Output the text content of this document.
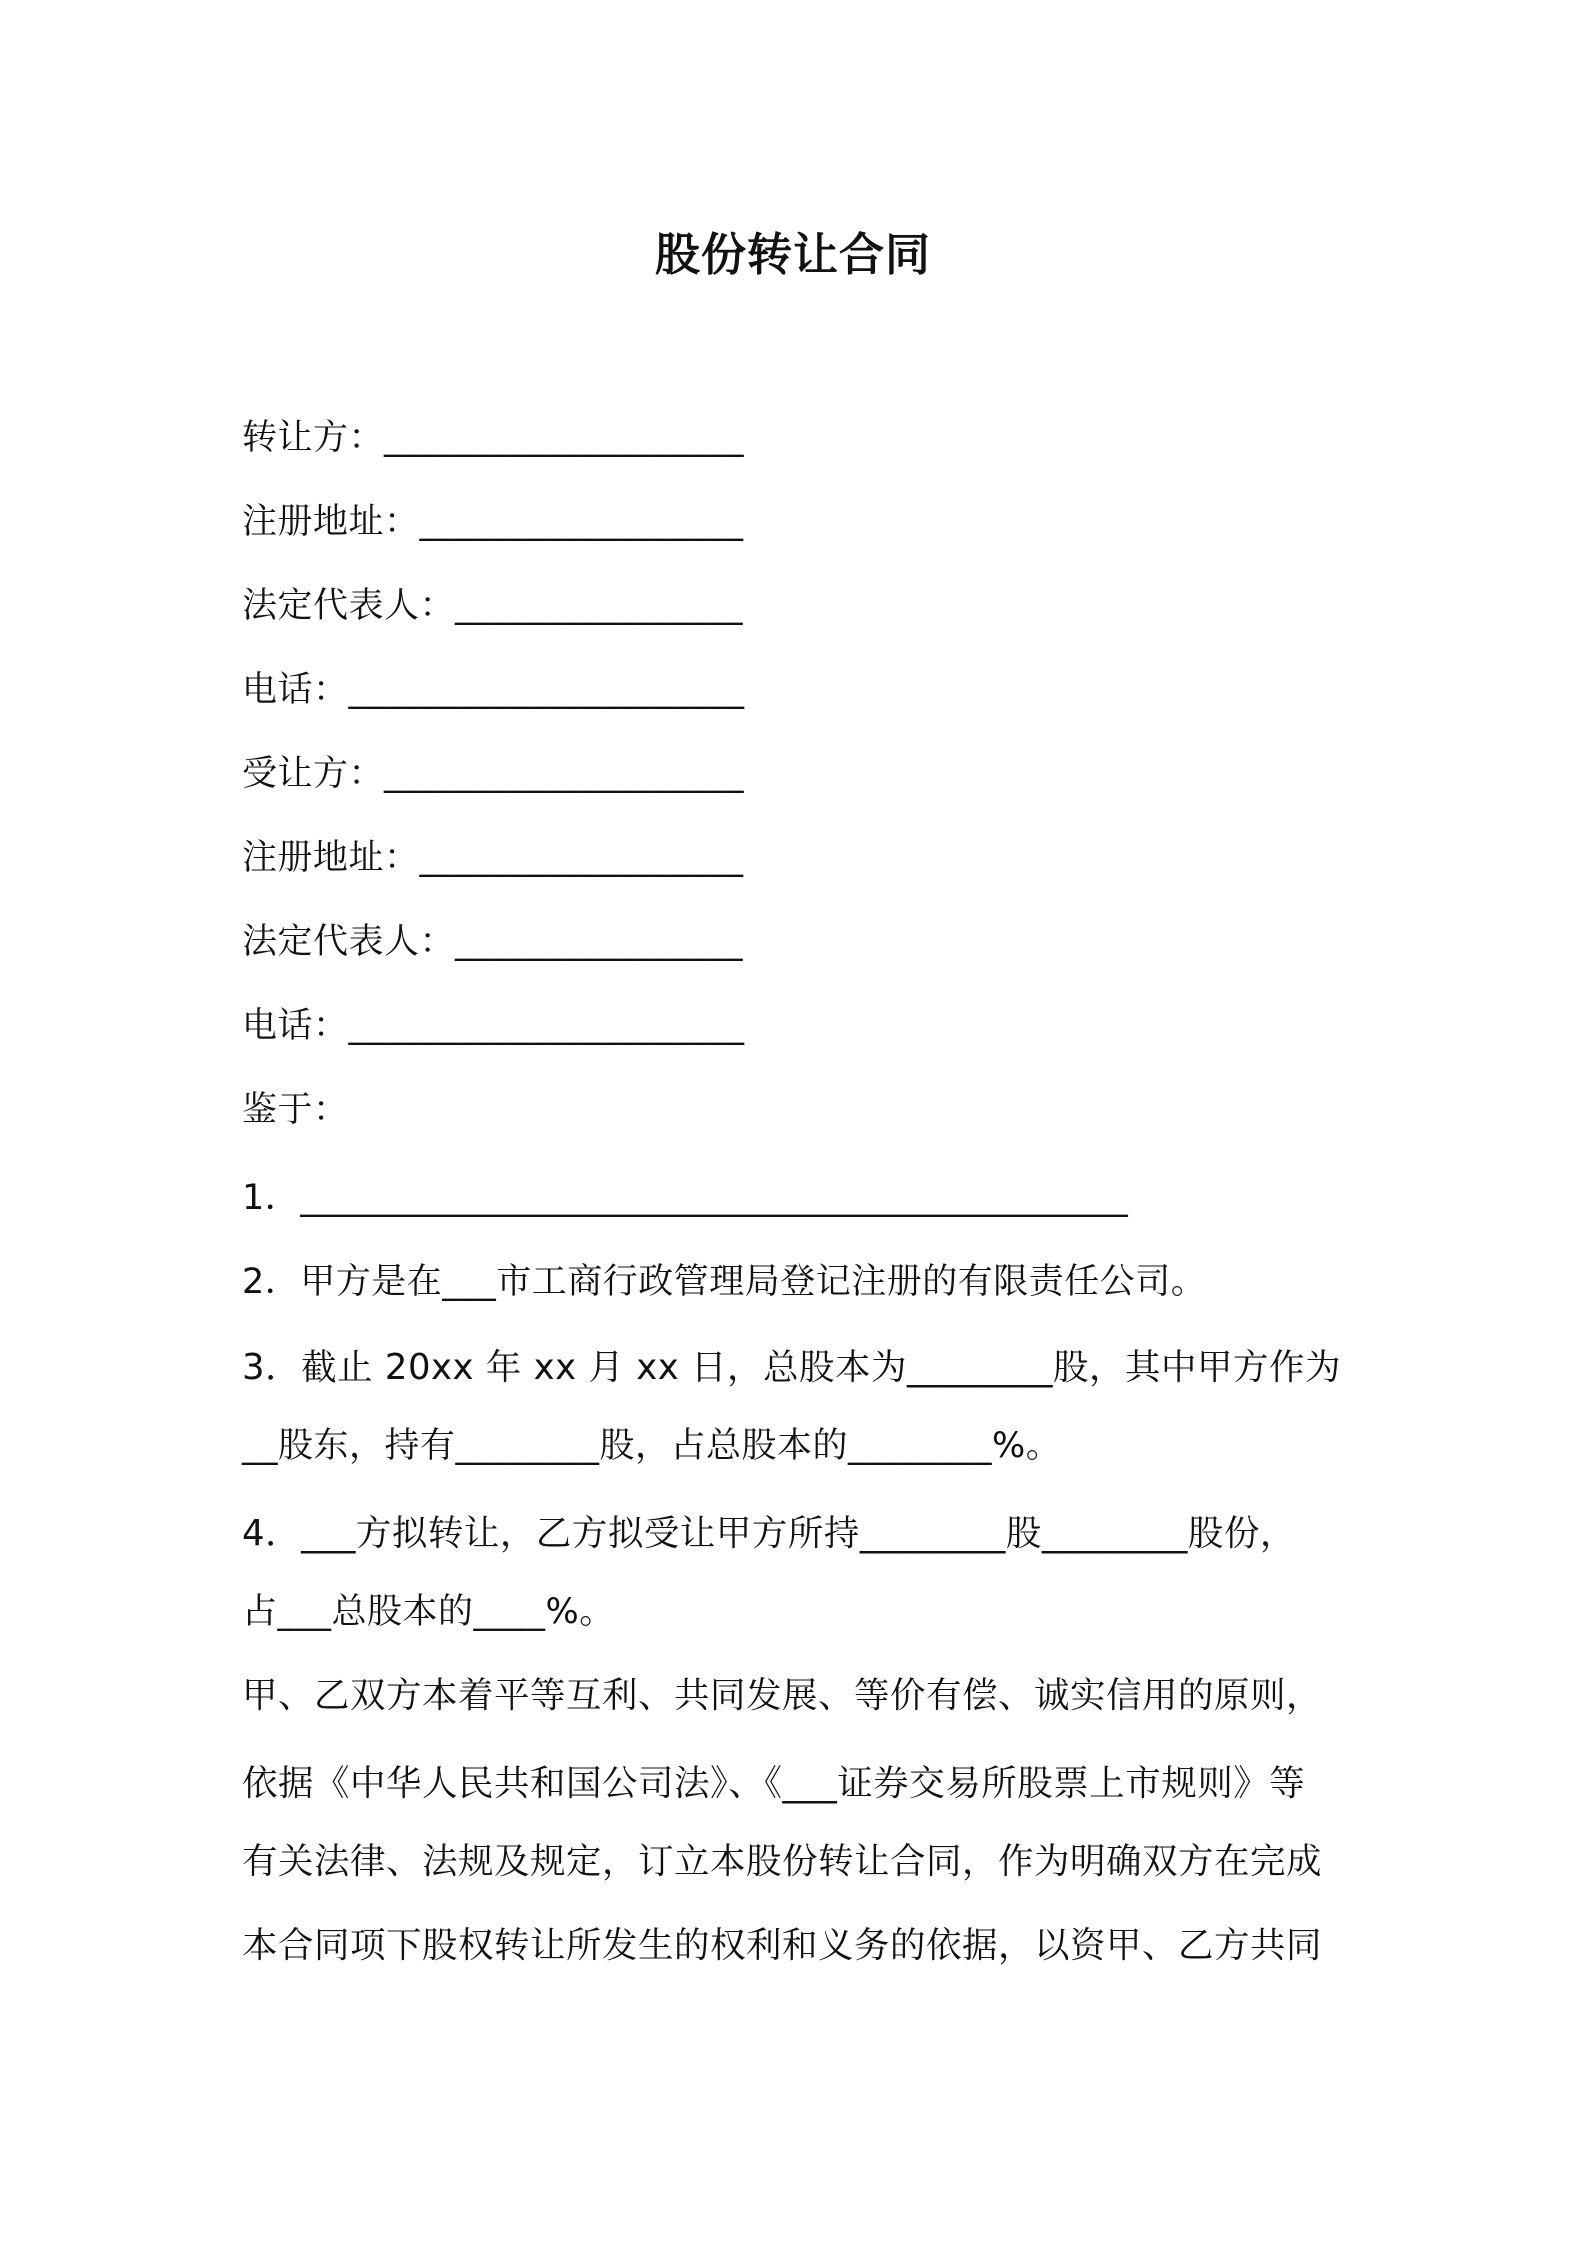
股份转让合同
转让方：____________________
注册地址：__________________
法定代表人：________________
电话：______________________
受让方：____________________
注册地址：__________________
法定代表人：________________
电话：______________________
鉴于：
1．______________________________________________
2．甲方是在___市工商行政管理局登记注册的有限责任公司。
3．截止 20xx 年 xx 月 xx 日，总股本为________股，其中甲方作为
__股东，持有________股，占总股本的________%。
4．___方拟转让，乙方拟受让甲方所持________股________股份，
占___总股本的____%。
甲、乙双方本着平等互利、共同发展、等价有偿、诚实信用的原则，
依据《中华人民共和国公司法》、《___证券交易所股票上市规则》等
有关法律、法规及规定，订立本股份转让合同，作为明确双方在完成
本合同项下股权转让所发生的权利和义务的依据，以资甲、乙方共同
